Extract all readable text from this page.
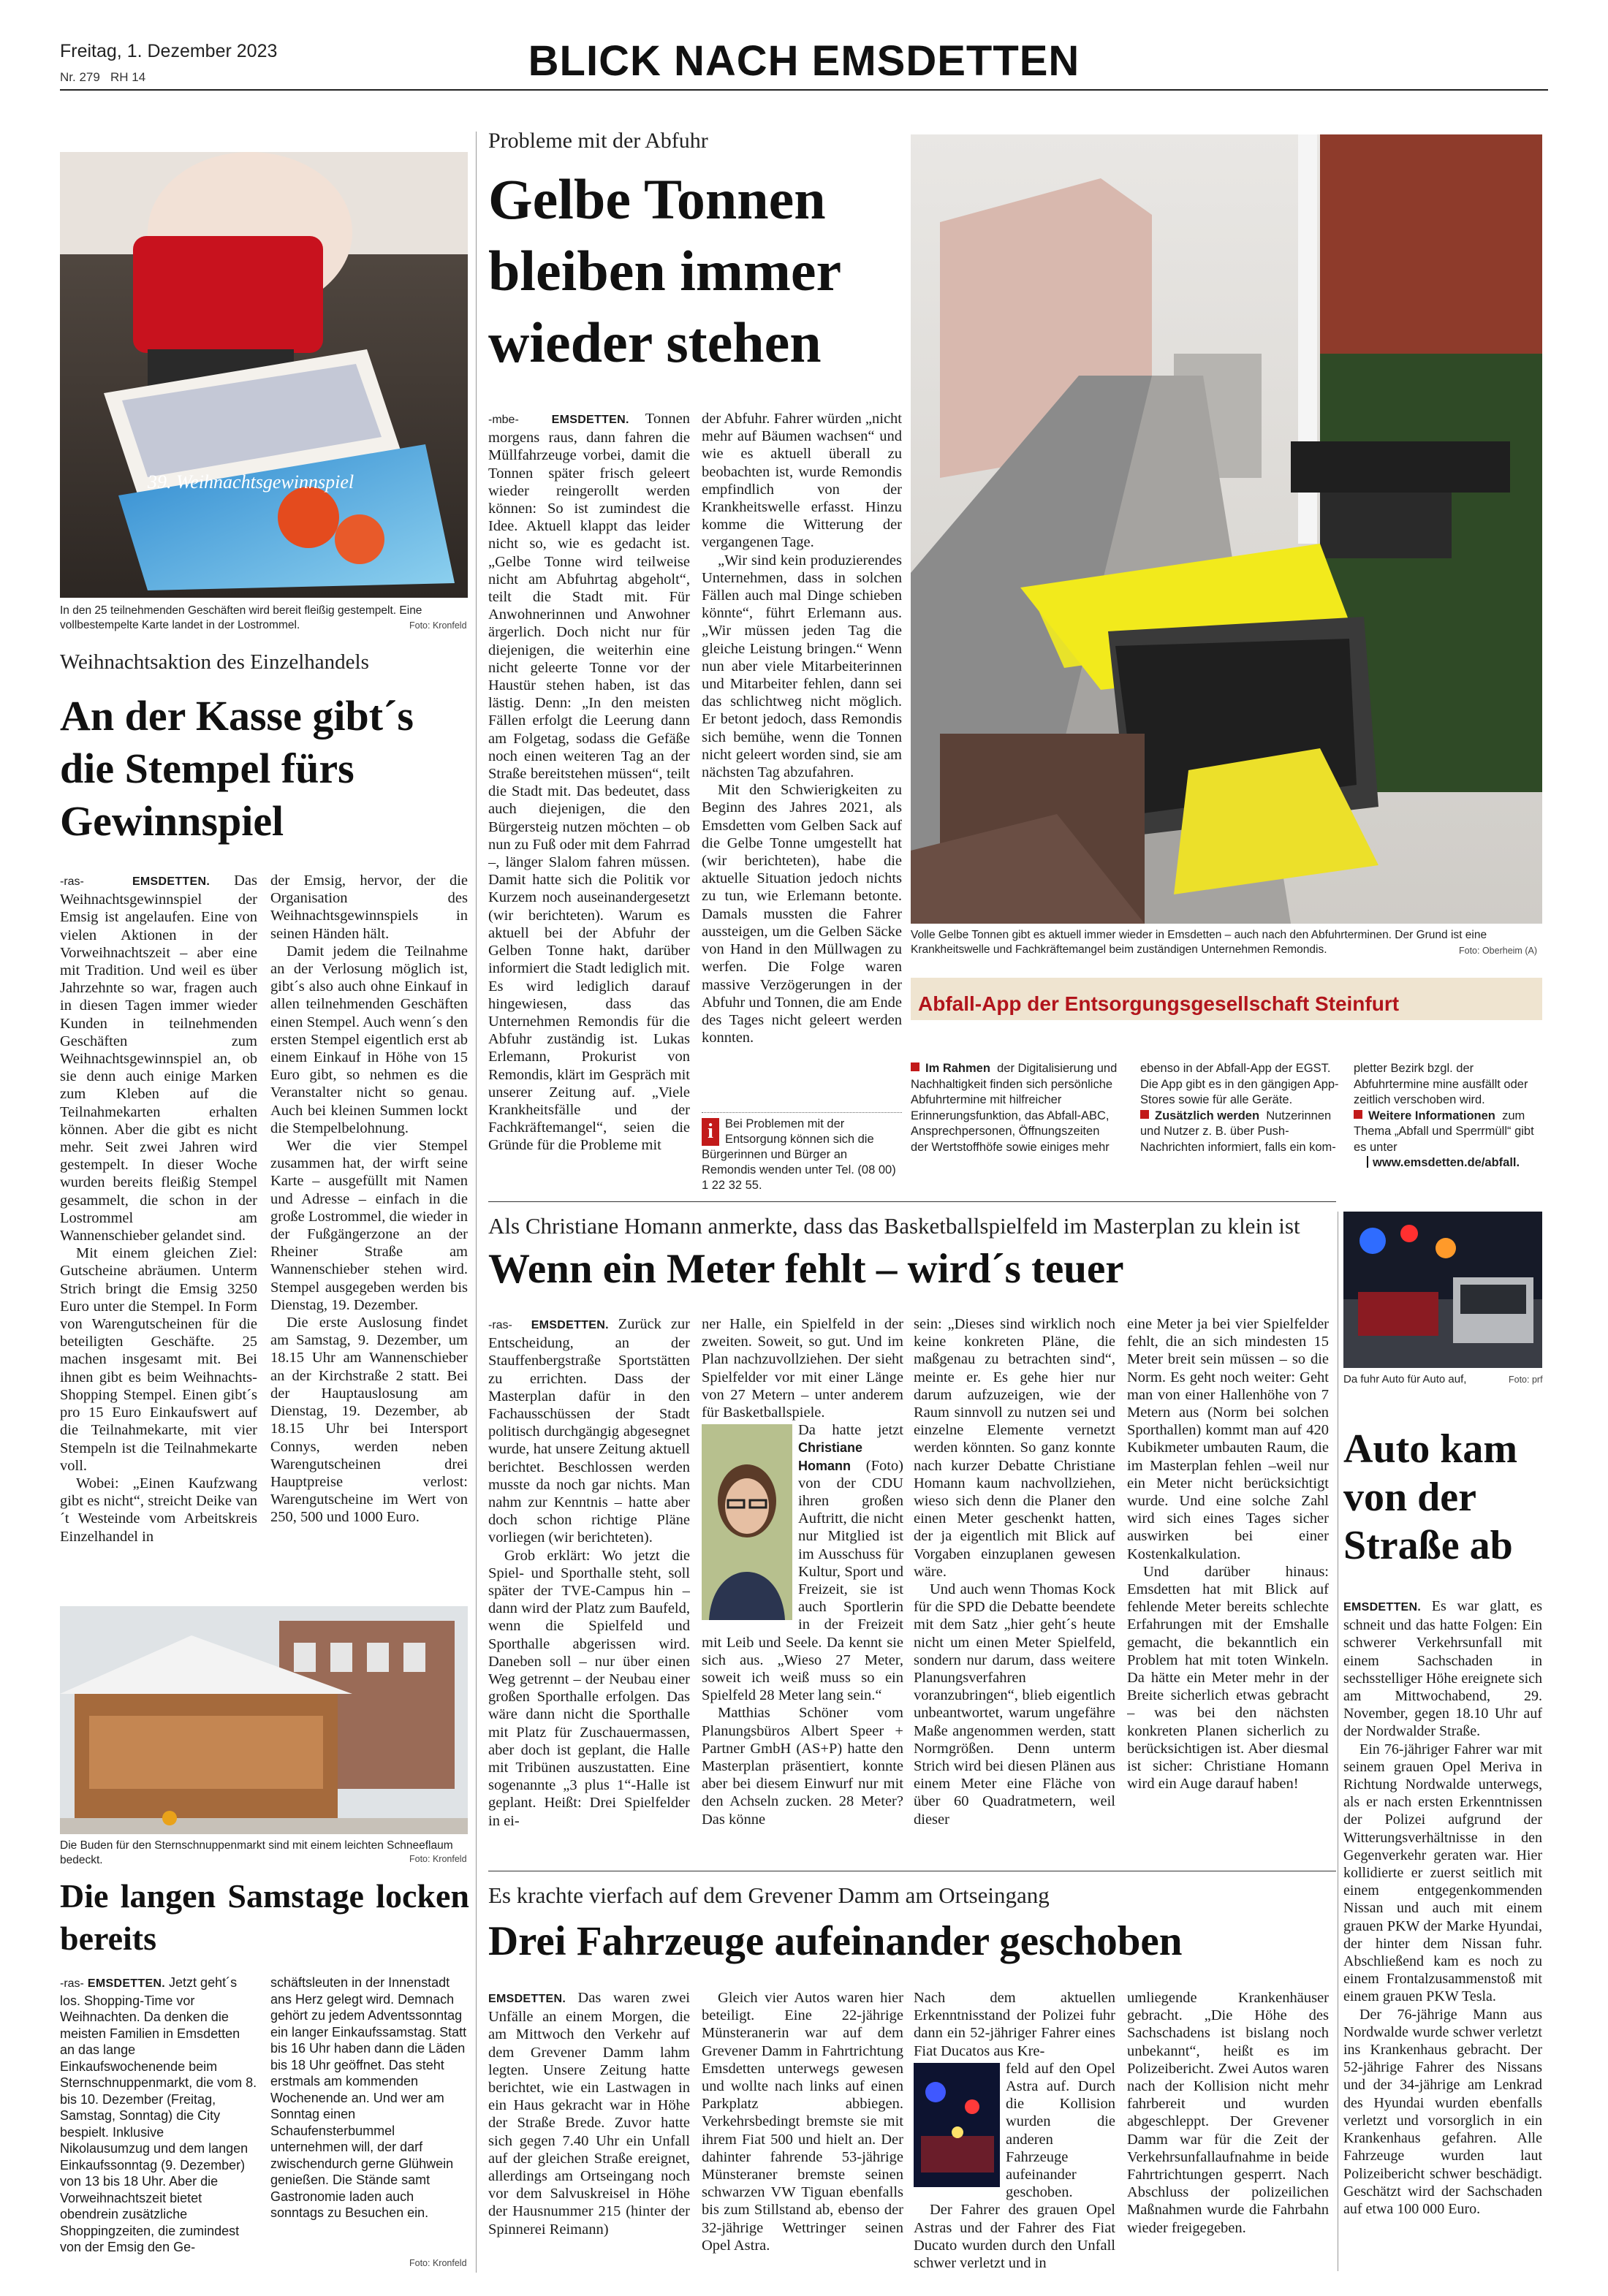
Freitag, 1. Dezember 2023
Nr. 279 RH 14	BLICK NACH EMSDETTEN
39. Weihnachtsgewinnspiel
In den 25 teilnehmenden Geschäften wird bereit fleißig gestempelt. Eine vollbestempelte Karte landet in der Lostrommel.	Foto: Kronfeld
Weihnachtsaktion des Einzelhandels
An der Kasse gibt´s die Stempel fürs Gewinnspiel

-ras-	EMSDETTEN. Das Weihnachtsgewinnspiel der Emsig ist angelaufen. Eine von vielen Aktionen in der Vorweihnachtszeit – aber eine mit Tradition. Und weil es über Jahrzehnte so war, fragen auch in diesen Tagen immer wieder Kunden in teilnehmenden Geschäften zum Weihnachtsgewinnspiel an, ob sie denn auch einige Marken zum Kleben auf die Teilnahmekarten erhalten können. Aber die gibt es nicht mehr. Seit zwei Jahren wird gestempelt. In dieser Woche wurden bereits fleißig Stempel gesammelt, die schon in der Lostrommel am Wannenschieber gelandet sind.

Mit einem gleichen Ziel: Gutscheine abräumen. Unterm Strich bringt die Emsig 3250 Euro unter die Stempel. In Form von Warengutscheinen für die beteiligten Geschäfte. 25 machen insgesamt mit. Bei ihnen gibt es beim Weihnachts-Shopping Stempel. Einen gibt´s pro 15 Euro Einkaufswert auf die Teilnahmekarte, mit vier Stempeln ist die Teilnahmekarte voll.

Wobei: „Einen Kaufzwang gibt es nicht“, streicht Deike van´t Westeinde vom Arbeitskreis Einzelhandel in

der Emsig, hervor, der die Organisation des Weihnachtsgewinnspiels in seinen Händen hält.

Damit jedem die Teilnahme an der Verlosung möglich ist, gibt´s also auch ohne Einkauf in allen teilnehmenden Geschäften einen Stempel. Auch wenn´s den ersten Stempel eigentlich erst ab einem Einkauf in Höhe von 15 Euro gibt, so nehmen es die Veranstalter nicht so genau. Auch bei kleinen Summen lockt die Stempelbelohnung.

Wer die vier Stempel zusammen hat, der wirft seine Karte – ausgefüllt mit Namen und Adresse – einfach in die große Lostrommel, die wieder in der Fußgängerzone an der Rheiner Straße am Wannenschieber stehen wird. Stempel ausgegeben werden bis Dienstag, 19. Dezember.

Die erste Auslosung findet am Samstag, 9. Dezember, um 18.15 Uhr am Wannenschieber an der Kirchstraße 2 statt. Bei der Hauptauslosung am Dienstag, 19. Dezember, ab 18.15 Uhr bei Intersport Connys, werden neben Warengutscheinen drei Hauptpreise verlost: Warengutscheine im Wert von 250, 500 und 1000 Euro.

Die Buden für den Sternschnuppenmarkt sind mit einem leichten Schneeflaum bedeckt.	Foto: Kronfeld
Die langen Samstage locken bereits

-ras- EMSDETTEN. Jetzt geht´s los. Shopping-Time vor Weihnachten. Da denken die meisten Familien in Emsdetten an das lange Einkaufswochenende beim Sternschnuppenmarkt, die vom 8. bis 10. Dezember (Freitag, Samstag, Sonntag) die City bespielt. Inklusive Nikolausumzug und dem langen Einkaufssonntag (9. Dezember) von 13 bis 18 Uhr. Aber die Vorweihnachtszeit bietet obendrein zusätzliche Shoppingzeiten, die zumindest von der Emsig den Ge-

schäftsleuten in der Innenstadt ans Herz gelegt wird. Demnach gehört zu jedem Adventssonntag ein langer Einkaufssamstag. Statt bis 16 Uhr haben dann die Läden bis 18 Uhr geöffnet. Das steht erstmals am kommenden Wochenende an. Und wer am Sonntag einen Schaufensterbummel unternehmen will, der darf zwischendurch gerne Glühwein genießen. Die Stände samt Gastronomie laden auch sonntags zu Besuchen ein.

Foto: Kronfeld
Probleme mit der Abfuhr
Gelbe Tonnen bleiben immer wieder stehen

-mbe-	EMSDETTEN. Tonnen morgens raus, dann fahren die Müllfahrzeuge vorbei, damit die Tonnen später frisch geleert wieder reingerollt werden können: So ist zumindest die Idee. Aktuell klappt das leider nicht so, wie es gedacht ist. „Gelbe Tonne wird teilweise nicht am Abfuhrtag abgeholt“, teilt die Stadt mit. Für Anwohnerinnen und Anwohner ärgerlich. Doch nicht nur für diejenigen, die weiterhin eine nicht geleerte Tonne vor der Haustür stehen haben, ist das lästig. Denn: „In den meisten Fällen erfolgt die Leerung dann am Folgetag, sodass die Gefäße noch einen weiteren Tag an der Straße bereitstehen müssen“, teilt die Stadt mit. Das bedeutet, dass auch diejenigen, die den Bürgersteig nutzen möchten – ob nun zu Fuß oder mit dem Fahrrad –, länger Slalom fahren müssen. Damit hatte sich die Politik vor Kurzem noch auseinandergesetzt (wir berichteten). Warum es aktuell bei der Abfuhr der Gelben Tonne hakt, darüber informiert die Stadt lediglich mit. Es wird lediglich darauf hingewiesen, dass das Unternehmen Remondis für die Abfuhr zuständig ist. Lukas Erlemann, Prokurist von Remondis, klärt im Gespräch mit unserer Zeitung auf. „Viele Krankheitsfälle und der Fachkräftemangel“, seien die Gründe für die Probleme mit

der Abfuhr. Fahrer würden „nicht mehr auf Bäumen wachsen“ und wie es aktuell überall zu beobachten ist, wurde Remondis empfindlich von der Krankheitswelle erfasst. Hinzu komme die Witterung der vergangenen Tage.

„Wir sind kein produzierendes Unternehmen, dass in solchen Fällen auch mal Dinge schieben könnte“, führt Erlemann aus. „Wir müssen jeden Tag die gleiche Leistung bringen.“ Wenn nun aber viele Mitarbeiterinnen und Mitarbeiter fehlen, dann sei das schlichtweg nicht möglich. Er betont jedoch, dass Remondis sich bemühe, wenn die Tonnen nicht geleert worden sind, sie am nächsten Tag abzufahren.

Mit den Schwierigkeiten zu Beginn des Jahres 2021, als Emsdetten vom Gelben Sack auf die Gelbe Tonne umgestellt hat (wir berichteten), habe die aktuelle Situation jedoch nichts zu tun, wie Erlemann betonte. Damals mussten die Fahrer aussteigen, um die Gelben Säcke von Hand in den Müllwagen zu werfen. Die Folge waren massive Verzögerungen in der Abfuhr und Tonnen, die am Ende des Tages nicht geleert werden konnten.

i Bei Problemen mit der Entsorgung können sich die Bürgerinnen und Bürger an Remondis wenden unter Tel. (08 00) 1 22 32 55.
Volle Gelbe Tonnen gibt es aktuell immer wieder in Emsdetten – auch nach den Abfuhrterminen. Der Grund ist eine Krankheitswelle und Fachkräftemangel beim zuständigen Unternehmen Remondis.	Foto: Oberheim (A)
Abfall-App der Entsorgungsgesellschaft Steinfurt
Im Rahmen der Digitalisierung und Nachhaltigkeit finden sich persönliche Abfuhrtermine mit hilfreicher Erinnerungsfunktion, das Abfall-ABC, Ansprechpersonen, Öffnungszeiten der Wertstoffhöfe sowie einiges mehr
ebenso in der Abfall-App der EGST. Die App gibt es in den gängigen App-Stores sowie für alle Geräte.
Zusätzlich werden Nutzerinnen und Nutzer z. B. über Push-Nachrichten informiert, falls ein kom-
pletter Bezirk bzgl. der Abfuhrtermine mine ausfällt oder zeitlich verschoben wird.
Weitere Informationen zum Thema „Abfall und Sperrmüll“ gibt es unter
www.emsdetten.de/abfall.
Als Christiane Homann anmerkte, dass das Basketballspielfeld im Masterplan zu klein ist
Wenn ein Meter fehlt – wird´s teuer

-ras- EMSDETTEN. Zurück zur Entscheidung, an der Stauffenbergstraße Sportstätten zu errichten. Dass der Masterplan dafür in den Fachausschüssen der Stadt politisch durchgängig abgesegnet wurde, hat unsere Zeitung aktuell berichtet. Beschlossen werden musste da noch gar nichts. Man nahm zur Kenntnis – hatte aber doch schon richtige Pläne vorliegen (wir berichteten).

Grob erklärt: Wo jetzt die Spiel- und Sporthalle steht, soll später der TVE-Campus hin – dann wird der Platz zum Baufeld, wenn die Spielfeld und Sporthalle abgerissen wird. Daneben soll – nur über einen Weg getrennt – der Neubau einer großen Sporthalle erfolgen. Das wäre dann nicht die Sporthalle mit Platz für Zuschauermassen, aber doch ist geplant, die Halle mit Tribünen auszustatten. Eine sogenannte „3 plus 1“-Halle ist geplant. Heißt: Drei Spielfelder in ei-

ner Halle, ein Spielfeld in der zweiten. Soweit, so gut. Und im Plan nachzuvollziehen. Der sieht Spielfelder vor mit einer Länge von 27 Metern – unter anderem für Basketballspiele.

Da hatte jetzt Christiane Homann (Foto) von der CDU ihren großen Auftritt, die nicht nur Mitglied ist im Ausschuss für Kultur, Sport und Freizeit, sie ist auch Sportlerin in der Freizeit mit Leib und Seele. Da kennt sie sich aus. „Wieso 27 Meter, soweit ich weiß muss so ein Spielfeld 28 Meter lang sein.“

Matthias Schöner vom Planungsbüros Albert Speer + Partner GmbH (AS+P) hatte den Masterplan präsentiert, konnte aber bei diesem Einwurf nur mit den Achseln zucken. 28 Meter? Das könne

sein: „Dieses sind wirklich noch keine konkreten Pläne, die maßgenau zu betrachten sind“, meinte er. Es gehe hier nur darum aufzuzeigen, wie der Raum sinnvoll zu nutzen sei und einzelne Elemente vernetzt werden könnten. So ganz konnte nach kurzer Debatte Christiane Homann kaum nachvollziehen, wieso sich denn die Planer den einen Meter geschenkt hatten, der ja eigentlich mit Blick auf Vorgaben einzuplanen gewesen wäre.

Und auch wenn Thomas Kock für die SPD die Debatte beendete mit dem Satz „hier geht´s heute nicht um einen Meter Spielfeld, sondern nur darum, dass weitere Planungsverfahren voranzubringen“, blieb eigentlich unbeantwortet, warum ungefähre Maße angenommen werden, statt Normgrößen. Denn unterm Strich wird bei diesen Plänen aus einem Meter eine Fläche von über 60 Quadratmetern, weil dieser

eine Meter ja bei vier Spielfelder fehlt, die an sich mindesten 15 Meter breit sein müssen – so die Norm. Es geht noch weiter: Geht man von einer Hallenhöhe von 7 Metern aus (Norm bei solchen Sporthallen) kommt man auf 420 Kubikmeter umbauten Raum, die im Masterplan fehlen –weil nur ein Meter nicht berücksichtigt wurde. Und eine solche Zahl wird sich eines Tages sicher auswirken bei einer Kostenkalkulation.

Und darüber hinaus: Emsdetten hat mit Blick auf fehlende Meter bereits schlechte Erfahrungen mit der Emshalle gemacht, die bekanntlich ein Problem hat mit toten Winkeln. Da hätte ein Meter mehr in der Breite sicherlich etwas gebracht – was bei den nächsten konkreten Planen sicherlich zu berücksichtigen ist. Aber diesmal ist sicher: Christiane Homann wird ein Auge darauf haben!

Es krachte vierfach auf dem Grevener Damm am Ortseingang
Drei Fahrzeuge aufeinander geschoben

EMSDETTEN. Das waren zwei Unfälle an einem Morgen, die am Mittwoch den Verkehr auf dem Grevener Damm lahm legten. Unsere Zeitung hatte berichtet, wie ein Lastwagen in ein Haus gekracht war in Höhe der Straße Brede. Zuvor hatte sich gegen 7.40 Uhr ein Unfall auf der gleichen Straße ereignet, allerdings am Ortseingang noch vor dem Salvuskreisel in Höhe der Hausnummer 215 (hinter der Spinnerei Reimann)

Gleich vier Autos waren hier beteiligt. Eine 22-jährige Münsteranerin war auf dem Grevener Damm in Fahrtrichtung Emsdetten unterwegs gewesen und wollte nach links auf einen Parkplatz abbiegen. Verkehrsbedingt bremste sie mit ihrem Fiat 500 und hielt an. Der dahinter fahrende 53-jährige Münsteraner bremste seinen schwarzen VW Tiguan ebenfalls bis zum Stillstand ab, ebenso der 32-jährige Wettringer seinen Opel Astra.

Nach dem aktuellen Erkenntnisstand der Polizei fuhr dann ein 52-jähriger Fahrer eines Fiat Ducatos aus Kre-

feld auf den Opel Astra auf. Durch die Kollision wurden die anderen Fahrzeuge aufeinander geschoben.

Der Fahrer des grauen Opel Astras und der Fahrer des Fiat Ducato wurden durch den Unfall schwer verletzt und in

umliegende Krankenhäuser gebracht. „Die Höhe des Sachschadens ist bislang noch unbekannt“, heißt es im Polizeibericht. Zwei Autos waren nach der Kollision nicht mehr fahrbereit und wurden abgeschleppt. Der Grevener Damm war für die Zeit der Verkehrsunfallaufnahme in beide Fahrtrichtungen gesperrt. Nach Abschluss der polizeilichen Maßnahmen wurde die Fahrbahn wieder freigegeben.

Da fuhr Auto für Auto auf,	Foto: prf
Auto kam von der Straße ab

EMSDETTEN. Es war glatt, es schneit und das hatte Folgen: Ein schwerer Verkehrsunfall mit einem Sachschaden in sechsstelliger Höhe ereignete sich am Mittwochabend, 29. November, gegen 18.10 Uhr auf der Nordwalder Straße.

Ein 76-jähriger Fahrer war mit seinem grauen Opel Meriva in Richtung Nordwalde unterwegs, als er nach ersten Erkenntnissen der Polizei aufgrund der Witterungsverhältnisse in den Gegenverkehr geraten war. Hier kollidierte er zuerst seitlich mit einem entgegenkommenden Nissan und auch mit einem grauen PKW der Marke Hyundai, der hinter dem Nissan fuhr. Abschließend kam es noch zu einem Frontalzusammenstoß mit einem grauen PKW Tesla.

Der 76-jährige Mann aus Nordwalde wurde schwer verletzt ins Krankenhaus gebracht. Der 52-jährige Fahrer des Nissans und der 34-jährige am Lenkrad des Hyundai wurden ebenfalls verletzt und vorsorglich in ein Krankenhaus gefahren. Alle Fahrzeuge wurden laut Polizeibericht schwer beschädigt. Geschätzt wird der Sachschaden auf etwa 100 000 Euro.
